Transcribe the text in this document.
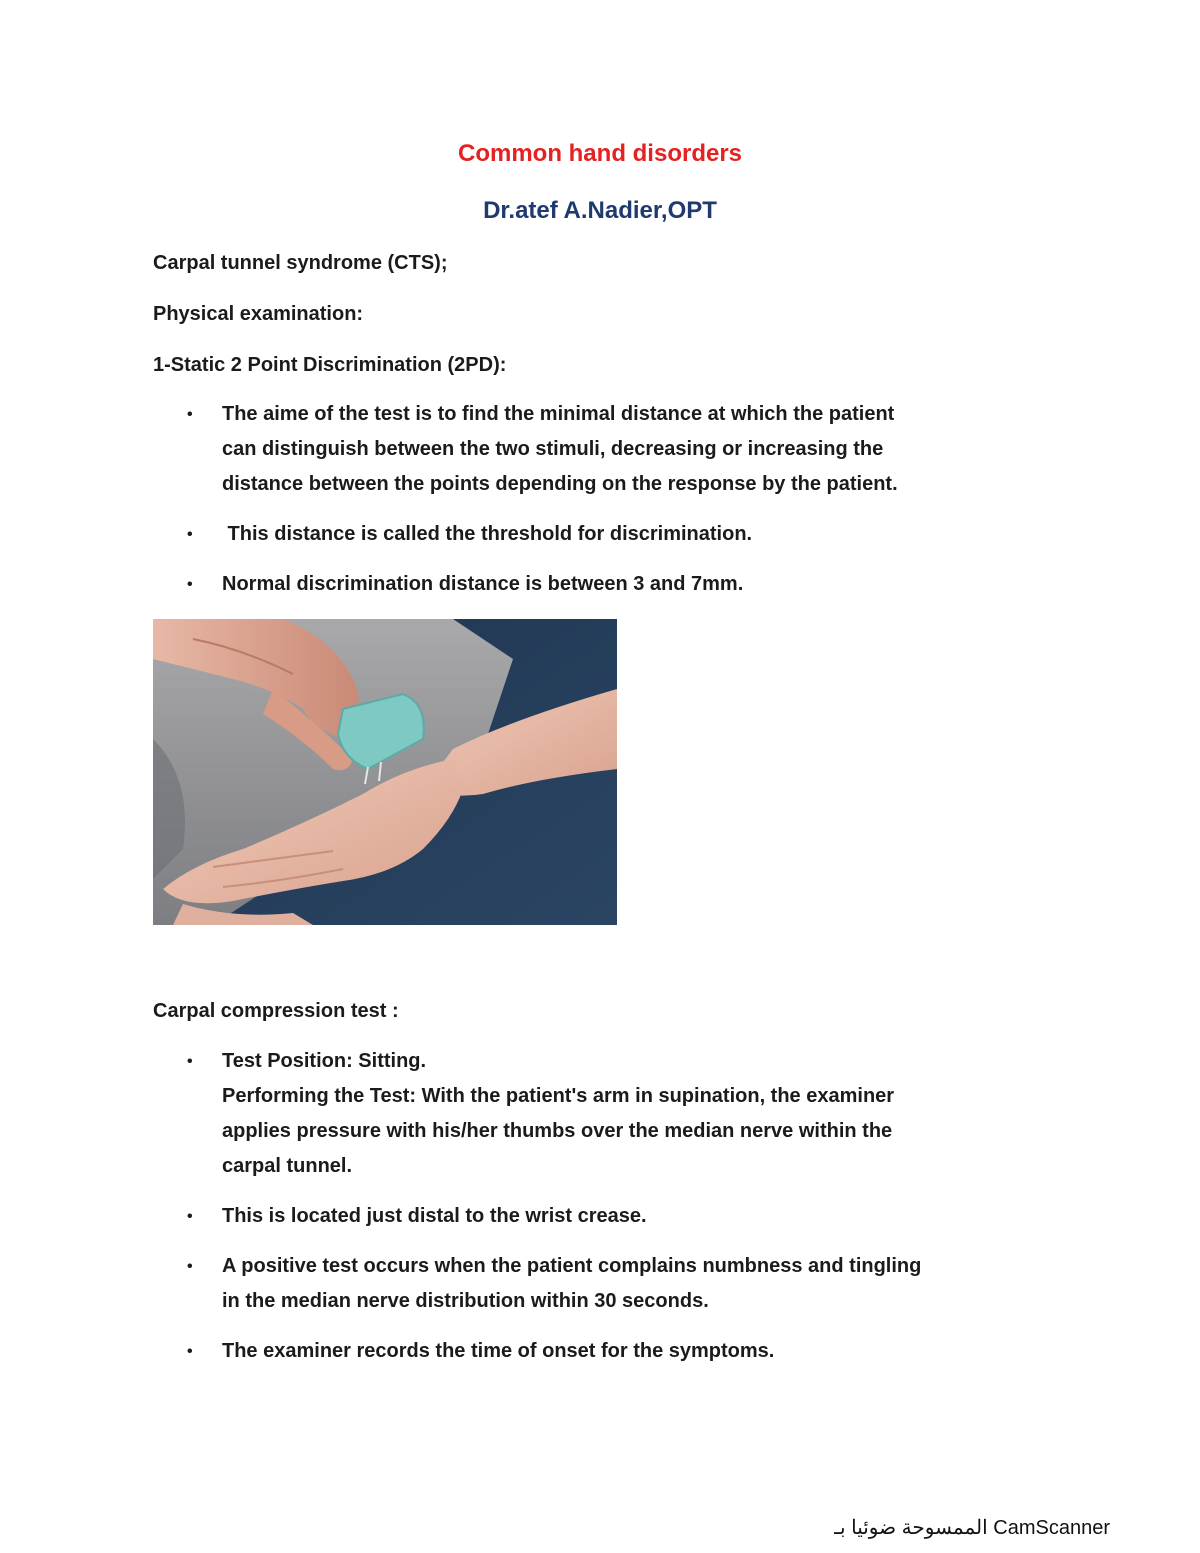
Common hand disorders
Dr.atef A.Nadier,OPT
Carpal tunnel syndrome (CTS);
Physical examination:
1-Static 2 Point Discrimination (2PD):
• The aime of the test is to find the minimal distance at which the patient
can distinguish between the two stimuli, decreasing or increasing the
distance between the points depending on the response by the patient.
• This distance is called the threshold for discrimination.
• Normal discrimination distance is between 3 and 7mm.
Carpal compression test :
• Test Position: Sitting.
Performing the Test: With the patient's arm in supination, the examiner
applies pressure with his/her thumbs over the median nerve within the
carpal tunnel.
• This is located just distal to the wrist crease.
• A positive test occurs when the patient complains numbness and tingling
in the median nerve distribution within 30 seconds.
• The examiner records the time of onset for the symptoms.
الممسوحة ضوئيا بـ CamScanner
